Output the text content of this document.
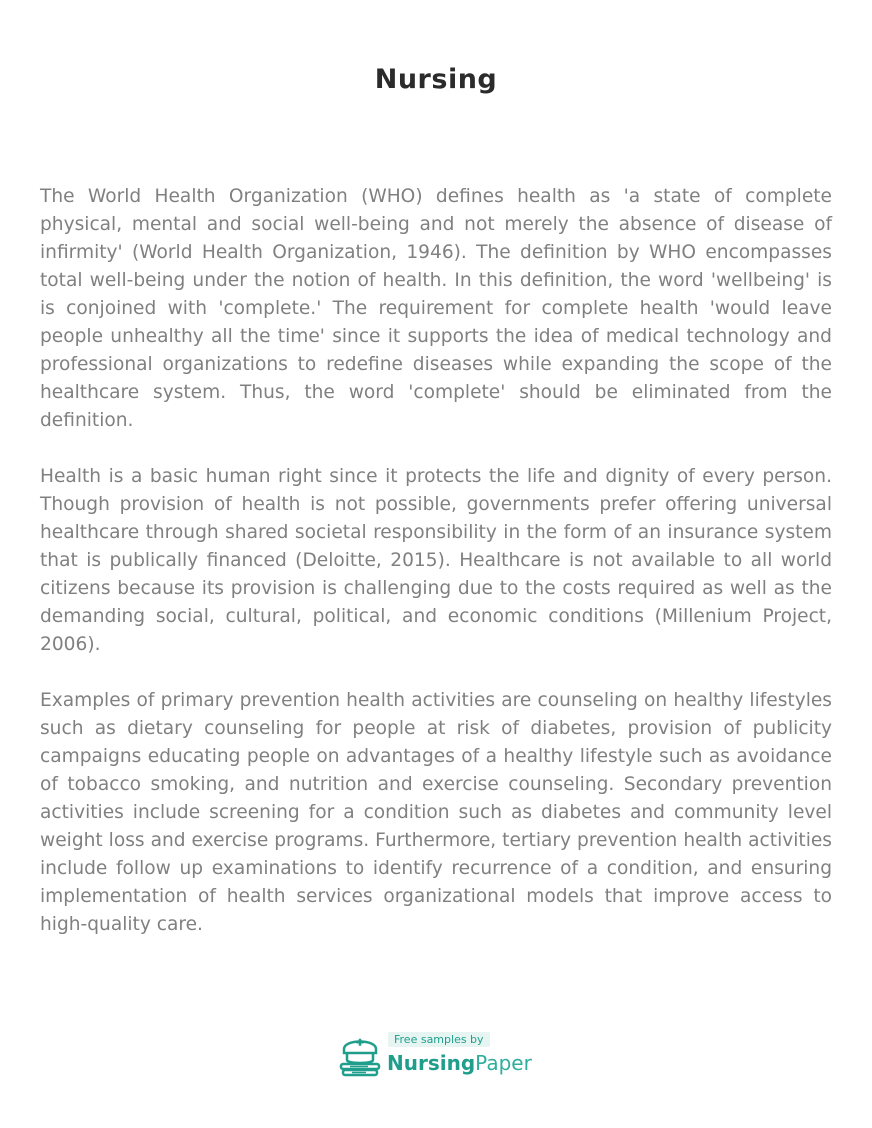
Nursing

The World Health Organization (WHO) defines health as 'a state of complete physical, mental and social well-being and not merely the absence of disease of infirmity' (World Health Organization, 1946). The definition by WHO encompasses total well-being under the notion of health. In this definition, the word 'wellbeing' is is conjoined with 'complete.' The requirement for complete health 'would leave people unhealthy all the time' since it supports the idea of medical technology and professional organizations to redefine diseases while expanding the scope of the healthcare system. Thus, the word 'complete' should be eliminated from the definition.

Health is a basic human right since it protects the life and dignity of every person. Though provision of health is not possible, governments prefer offering universal healthcare through shared societal responsibility in the form of an insurance system that is publically financed (Deloitte, 2015). Healthcare is not available to all world citizens because its provision is challenging due to the costs required as well as the demanding social, cultural, political, and economic conditions (Millenium Project, 2006).

Examples of primary prevention health activities are counseling on healthy lifestyles such as dietary counseling for people at risk of diabetes, provision of publicity campaigns educating people on advantages of a healthy lifestyle such as avoidance of tobacco smoking, and nutrition and exercise counseling. Secondary prevention activities include screening for a condition such as diabetes and community level weight loss and exercise programs. Furthermore, tertiary prevention health activities include follow up examinations to identify recurrence of a condition, and ensuring implementation of health services organizational models that improve access to high-quality care.

Free samples by
NursingPaper
